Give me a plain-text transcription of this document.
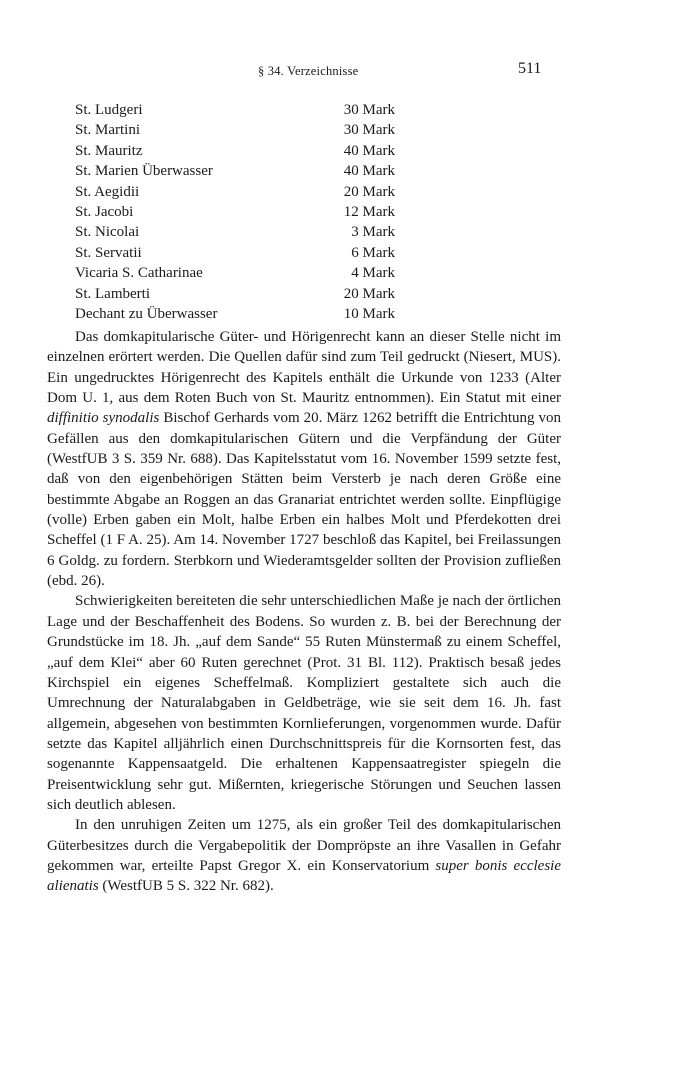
§ 34. Verzeichnisse	511
St. Ludgeri	30 Mark
St. Martini	30 Mark
St. Mauritz	40 Mark
St. Marien Überwasser	40 Mark
St. Aegidii	20 Mark
St. Jacobi	12 Mark
St. Nicolai	3 Mark
St. Servatii	6 Mark
Vicaria S. Catharinae	4 Mark
St. Lamberti	20 Mark
Dechant zu Überwasser	10 Mark

Das domkapitularische Güter- und Hörigenrecht kann an dieser Stelle nicht im einzelnen erörtert werden. Die Quellen dafür sind zum Teil gedruckt (Niesert, MUS). Ein ungedrucktes Hörigenrecht des Kapitels enthält die Urkunde von 1233 (Alter Dom U. 1, aus dem Roten Buch von St. Mauritz entnommen). Ein Statut mit einer diffinitio synodalis Bischof Gerhards vom 20. März 1262 betrifft die Entrichtung von Gefällen aus den domkapitularischen Gütern und die Verpfändung der Güter (WestfUB 3 S. 359 Nr. 688). Das Kapitelsstatut vom 16. November 1599 setzte fest, daß von den eigenbehörigen Stätten beim Versterb je nach deren Größe eine bestimmte Abgabe an Roggen an das Granariat entrichtet werden sollte. Einpflügige (volle) Erben gaben ein Molt, halbe Erben ein halbes Molt und Pferdekotten drei Scheffel (1 F A. 25). Am 14. November 1727 beschloß das Kapitel, bei Freilassungen 6 Goldg. zu fordern. Sterbkorn und Wiederamtsgelder sollten der Provision zufließen (ebd. 26).

Schwierigkeiten bereiteten die sehr unterschiedlichen Maße je nach der örtlichen Lage und der Beschaffenheit des Bodens. So wurden z. B. bei der Berechnung der Grundstücke im 18. Jh. „auf dem Sande“ 55 Ruten Münstermaß zu einem Scheffel, „auf dem Klei“ aber 60 Ruten gerechnet (Prot. 31 Bl. 112). Praktisch besaß jedes Kirchspiel ein eigenes Scheffelmaß. Kompliziert gestaltete sich auch die Umrechnung der Naturalabgaben in Geldbeträge, wie sie seit dem 16. Jh. fast allgemein, abgesehen von bestimmten Kornlieferungen, vorgenommen wurde. Dafür setzte das Kapitel alljährlich einen Durchschnittspreis für die Kornsorten fest, das sogenannte Kappensaatgeld. Die erhaltenen Kappensaatregister spiegeln die Preisentwicklung sehr gut. Mißernten, kriegerische Störungen und Seuchen lassen sich deutlich ablesen.

In den unruhigen Zeiten um 1275, als ein großer Teil des domkapitularischen Güterbesitzes durch die Vergabepolitik der Dompröpste an ihre Vasallen in Gefahr gekommen war, erteilte Papst Gregor X. ein Konservatorium super bonis ecclesie alienatis (WestfUB 5 S. 322 Nr. 682).
